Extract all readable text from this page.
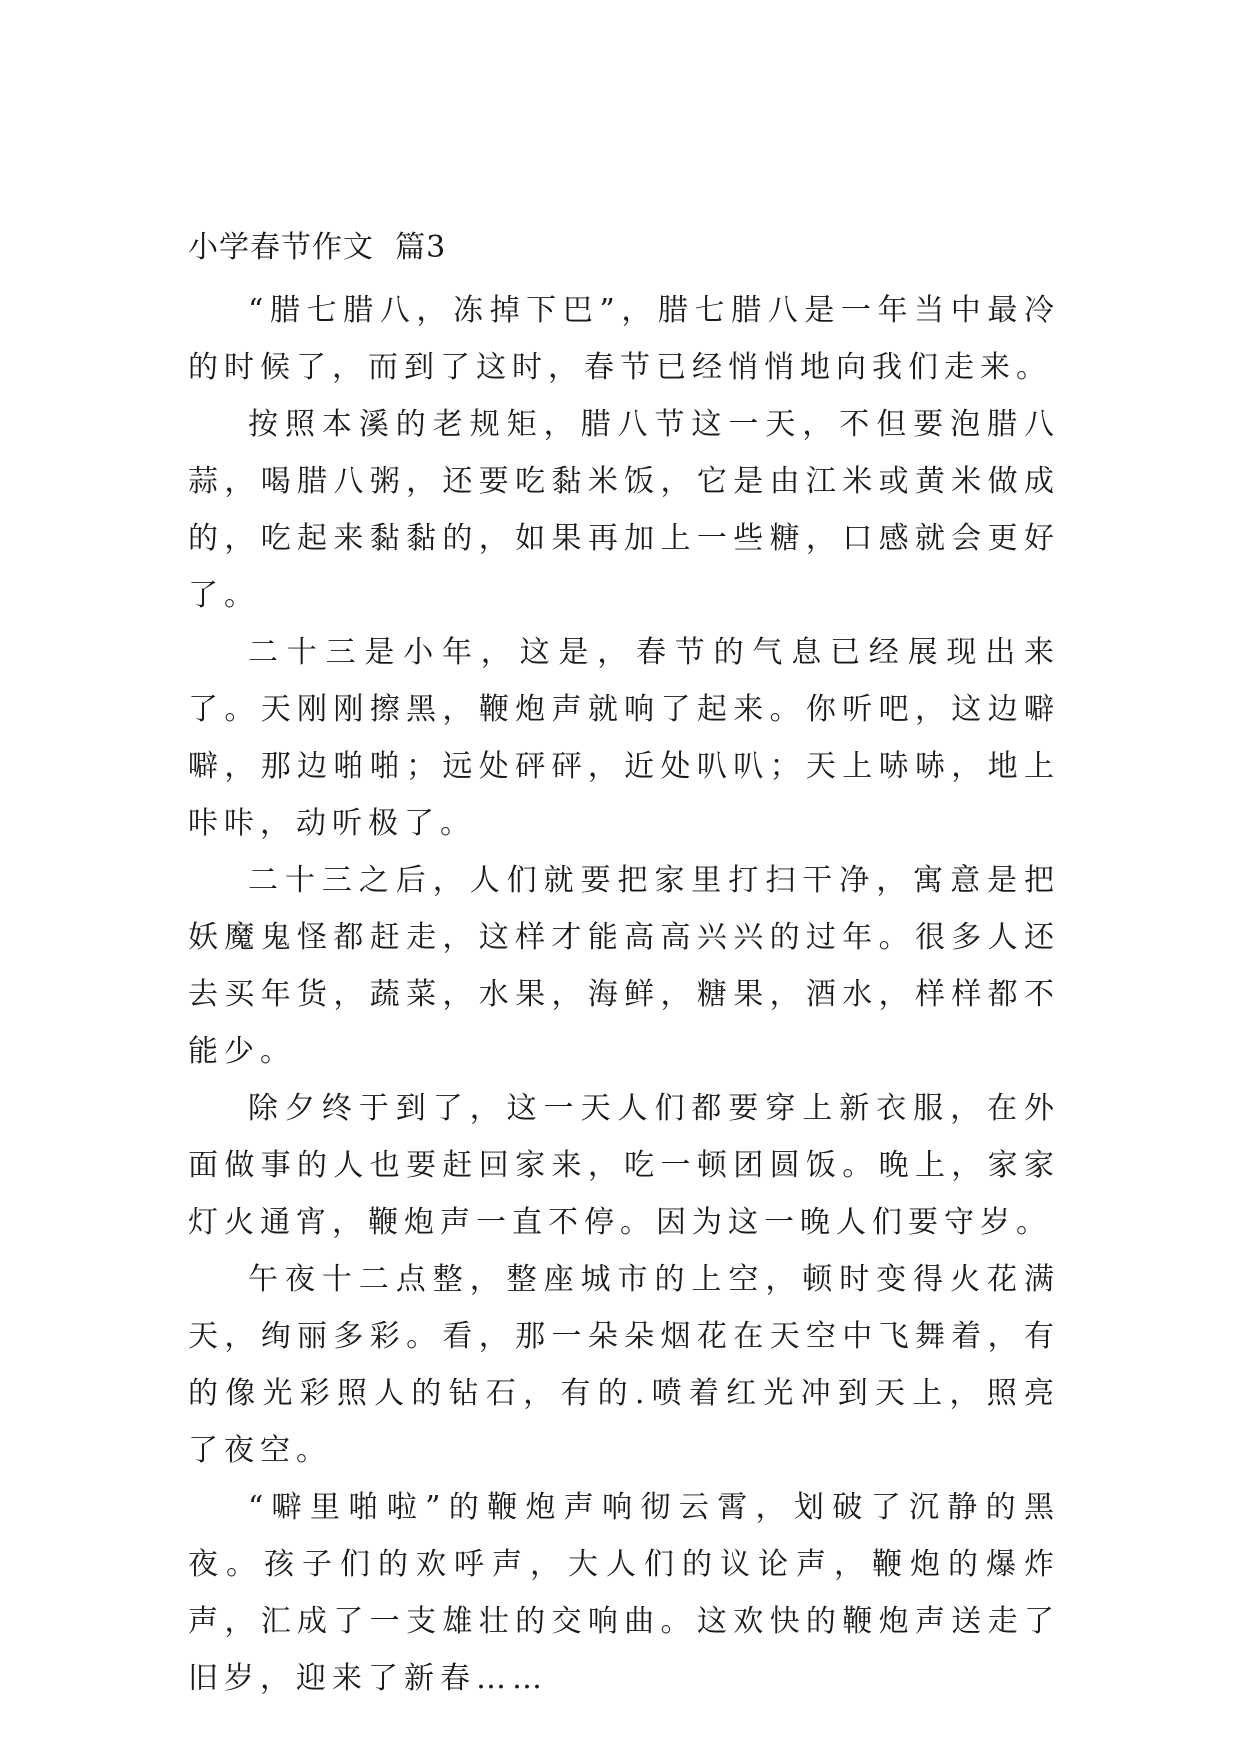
小学春节作文  篇3

“腊七腊八，冻掉下巴”，腊七腊八是一年当中最冷的时候了，而到了这时，春节已经悄悄地向我们走来。

按照本溪的老规矩，腊八节这一天，不但要泡腊八蒜，喝腊八粥，还要吃黏米饭，它是由江米或黄米做成的，吃起来黏黏的，如果再加上一些糖，口感就会更好了。

二十三是小年，这是，春节的气息已经展现出来了。天刚刚擦黑，鞭炮声就响了起来。你听吧，这边噼噼，那边啪啪；远处砰砰，近处叭叭；天上哧哧，地上咔咔，动听极了。

二十三之后，人们就要把家里打扫干净，寓意是把妖魔鬼怪都赶走，这样才能高高兴兴的过年。很多人还去买年货，蔬菜，水果，海鲜，糖果，酒水，样样都不能少。

除夕终于到了，这一天人们都要穿上新衣服，在外面做事的人也要赶回家来，吃一顿团圆饭。晚上，家家灯火通宵，鞭炮声一直不停。因为这一晚人们要守岁。

午夜十二点整，整座城市的上空，顿时变得火花满天，绚丽多彩。看，那一朵朵烟花在天空中飞舞着，有的像光彩照人的钻石，有的.喷着红光冲到天上，照亮了夜空。

“噼里啪啦”的鞭炮声响彻云霄，划破了沉静的黑夜。孩子们的欢呼声，大人们的议论声，鞭炮的爆炸声，汇成了一支雄壮的交响曲。这欢快的鞭炮声送走了旧岁，迎来了新春……
